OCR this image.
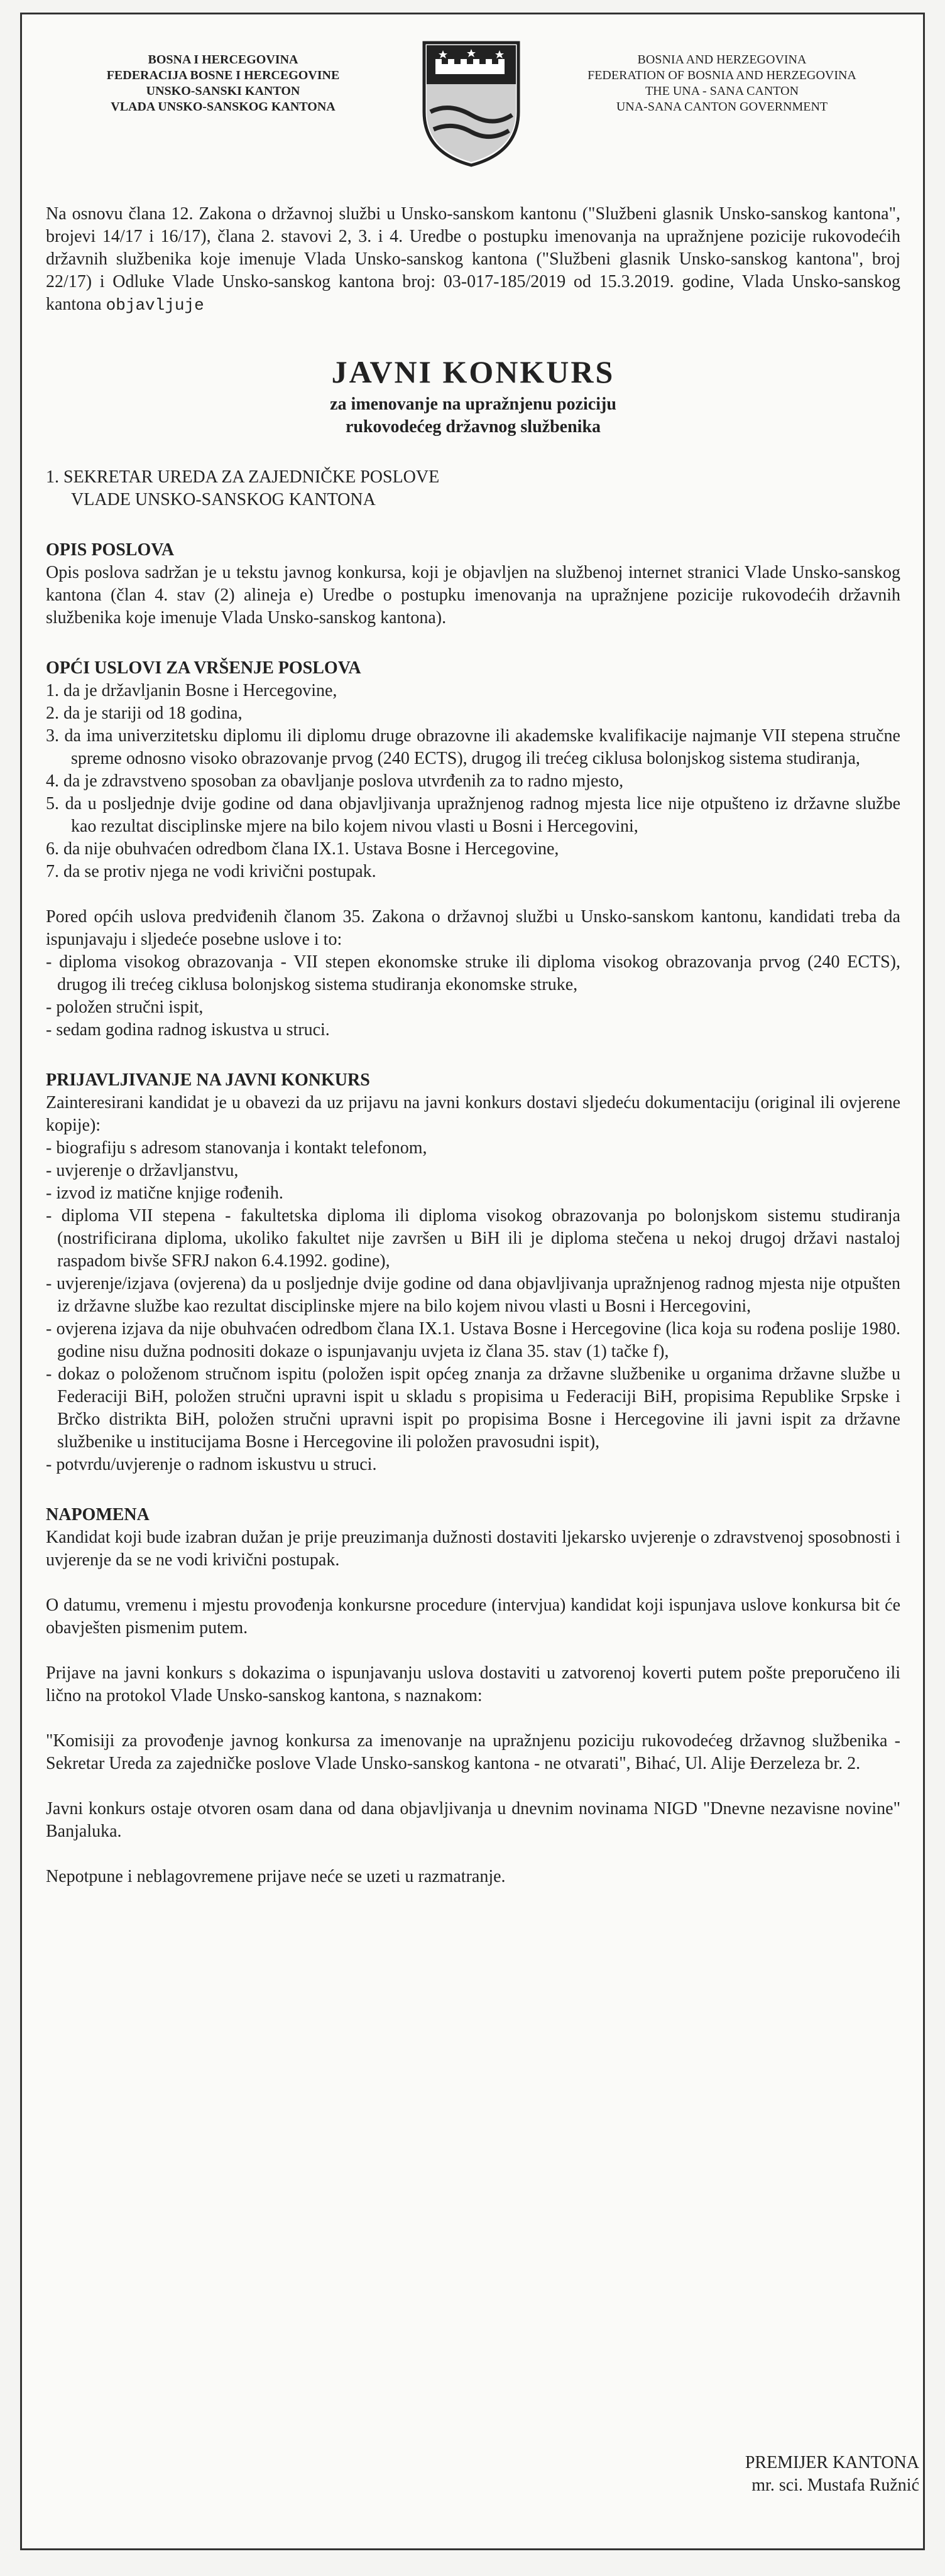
BOSNA I HERCEGOVINA
FEDERACIJA BOSNE I HERCEGOVINE
UNSKO-SANSKI KANTON
VLADA UNSKO-SANSKOG KANTONA
BOSNIA AND HERZEGOVINA
FEDERATION OF BOSNIA AND HERZEGOVINA
THE UNA - SANA CANTON
UNA-SANA CANTON GOVERNMENT

Na osnovu člana 12. Zakona o državnoj službi u Unsko-sanskom kantonu ("Službeni glasnik Unsko-sanskog kantona", brojevi 14/17 i 16/17), člana 2. stavovi 2, 3. i 4. Uredbe o postupku imenovanja na upražnjene pozicije rukovodećih državnih službenika koje imenuje Vlada Unsko-sanskog kantona ("Službeni glasnik Unsko-sanskog kantona", broj 22/17) i Odluke Vlade Unsko-sanskog kantona broj: 03-017-185/2019 od 15.3.2019. godine, Vlada Unsko-sanskog kantona objavljuje

JAVNI KONKURS
za imenovanje na upražnjenu poziciju
rukovodećeg državnog službenika
1. SEKRETAR UREDA ZA ZAJEDNIČKE POSLOVE
VLADE UNSKO-SANSKOG KANTONA
OPIS POSLOVA

Opis poslova sadržan je u tekstu javnog konkursa, koji je objavljen na službenoj internet stranici Vlade Unsko-sanskog kantona (član 4. stav (2) alineja e) Uredbe o postupku imenovanja na upražnjene pozicije rukovodećih državnih službenika koje imenuje Vlada Unsko-sanskog kantona).

OPĆI USLOVI ZA VRŠENJE POSLOVA
1. da je državljanin Bosne i Hercegovine,
2. da je stariji od 18 godina,
3. da ima univerzitetsku diplomu ili diplomu druge obrazovne ili akademske kvalifikacije najmanje VII stepena stručne spreme odnosno visoko obrazovanje prvog (240 ECTS), drugog ili trećeg ciklusa bolonjskog sistema studiranja,
4. da je zdravstveno sposoban za obavljanje poslova utvrđenih za to radno mjesto,
5. da u posljednje dvije godine od dana objavljivanja upražnjenog radnog mjesta lice nije otpušteno iz državne službe kao rezultat disciplinske mjere na bilo kojem nivou vlasti u Bosni i Hercegovini,
6. da nije obuhvaćen odredbom člana IX.1. Ustava Bosne i Hercegovine,
7. da se protiv njega ne vodi krivični postupak.

Pored općih uslova predviđenih članom 35. Zakona o državnoj službi u Unsko-sanskom kantonu, kandidati treba da ispunjavaju i sljedeće posebne uslove i to:

- diploma visokog obrazovanja - VII stepen ekonomske struke ili diploma visokog obrazovanja prvog (240 ECTS), drugog ili trećeg ciklusa bolonjskog sistema studiranja ekonomske struke,
- položen stručni ispit,
- sedam godina radnog iskustva u struci.
PRIJAVLJIVANJE NA JAVNI KONKURS

Zainteresirani kandidat je u obavezi da uz prijavu na javni konkurs dostavi sljedeću dokumentaciju (original ili ovjerene kopije):

- biografiju s adresom stanovanja i kontakt telefonom,
- uvjerenje o državljanstvu,
- izvod iz matične knjige rođenih.
- diploma VII stepena - fakultetska diploma ili diploma visokog obrazovanja po bolonjskom sistemu studiranja (nostrificirana diploma, ukoliko fakultet nije završen u BiH ili je diploma stečena u nekoj drugoj državi nastaloj raspadom bivše SFRJ nakon 6.4.1992. godine),
- uvjerenje/izjava (ovjerena) da u posljednje dvije godine od dana objavljivanja upražnjenog radnog mjesta nije otpušten iz državne službe kao rezultat disciplinske mjere na bilo kojem nivou vlasti u Bosni i Hercegovini,
- ovjerena izjava da nije obuhvaćen odredbom člana IX.1. Ustava Bosne i Hercegovine (lica koja su rođena poslije 1980. godine nisu dužna podnositi dokaze o ispunjavanju uvjeta iz člana 35. stav (1) tačke f),
- dokaz o položenom stručnom ispitu (položen ispit općeg znanja za državne službenike u organima državne službe u Federaciji BiH, položen stručni upravni ispit u skladu s propisima u Federaciji BiH, propisima Republike Srpske i Brčko distrikta BiH, položen stručni upravni ispit po propisima Bosne i Hercegovine ili javni ispit za državne službenike u institucijama Bosne i Hercegovine ili položen pravosudni ispit),
- potvrdu/uvjerenje o radnom iskustvu u struci.
NAPOMENA

Kandidat koji bude izabran dužan je prije preuzimanja dužnosti dostaviti ljekarsko uvjerenje o zdravstvenoj sposobnosti i uvjerenje da se ne vodi krivični postupak.

O datumu, vremenu i mjestu provođenja konkursne procedure (intervjua) kandidat koji ispunjava uslove konkursa bit će obavješten pismenim putem.

Prijave na javni konkurs s dokazima o ispunjavanju uslova dostaviti u zatvorenoj koverti putem pošte preporučeno ili lično na protokol Vlade Unsko-sanskog kantona, s naznakom:

"Komisiji za provođenje javnog konkursa za imenovanje na upražnjenu poziciju rukovodećeg državnog službenika - Sekretar Ureda za zajedničke poslove Vlade Unsko-sanskog kantona - ne otvarati", Bihać, Ul. Alije Đerzeleza br. 2.

Javni konkurs ostaje otvoren osam dana od dana objavljivanja u dnevnim novinama NIGD "Dnevne nezavisne novine" Banjaluka.

Nepotpune i neblagovremene prijave neće se uzeti u razmatranje.

PREMIJER KANTONA
mr. sci. Mustafa Ružnić
